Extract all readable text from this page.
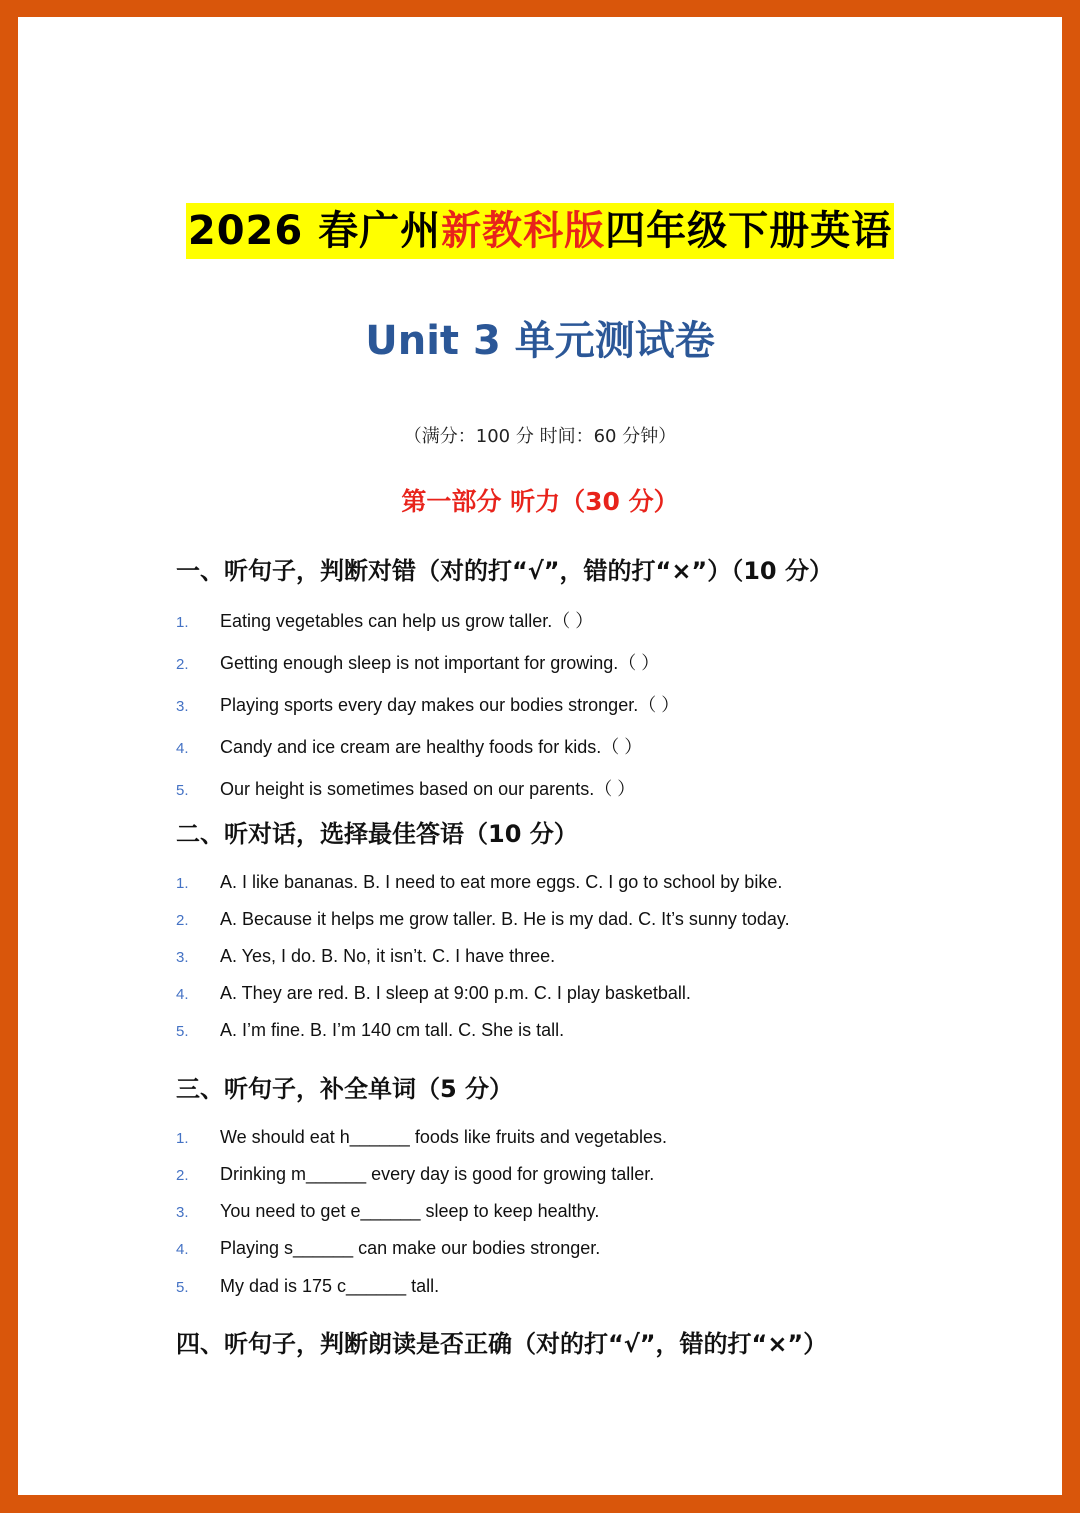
2026 春广州新教科版四年级下册英语
Unit 3 单元测试卷
（满分：100 分 时间：60 分钟）
第一部分 听力（30 分）
一、听句子，判断对错（对的打“√”，错的打“×”）（10 分）
1. Eating vegetables can help us grow taller.（ ）
2. Getting enough sleep is not important for growing.（ ）
3. Playing sports every day makes our bodies stronger.（ ）
4. Candy and ice cream are healthy foods for kids.（ ）
5. Our height is sometimes based on our parents.（ ）
二、听对话，选择最佳答语（10 分）
1. A. I like bananas. B. I need to eat more eggs. C. I go to school by bike.
2. A. Because it helps me grow taller. B. He is my dad. C. It’s sunny today.
3. A. Yes, I do. B. No, it isn’t. C. I have three.
4. A. They are red. B. I sleep at 9:00 p.m. C. I play basketball.
5. A. I’m fine. B. I’m 140 cm tall. C. She is tall.
三、听句子，补全单词（5 分）
1. We should eat h______ foods like fruits and vegetables.
2. Drinking m______ every day is good for growing taller.
3. You need to get e______ sleep to keep healthy.
4. Playing s______ can make our bodies stronger.
5. My dad is 175 c______ tall.
四、听句子，判断朗读是否正确（对的打“√”，错的打“×”）
